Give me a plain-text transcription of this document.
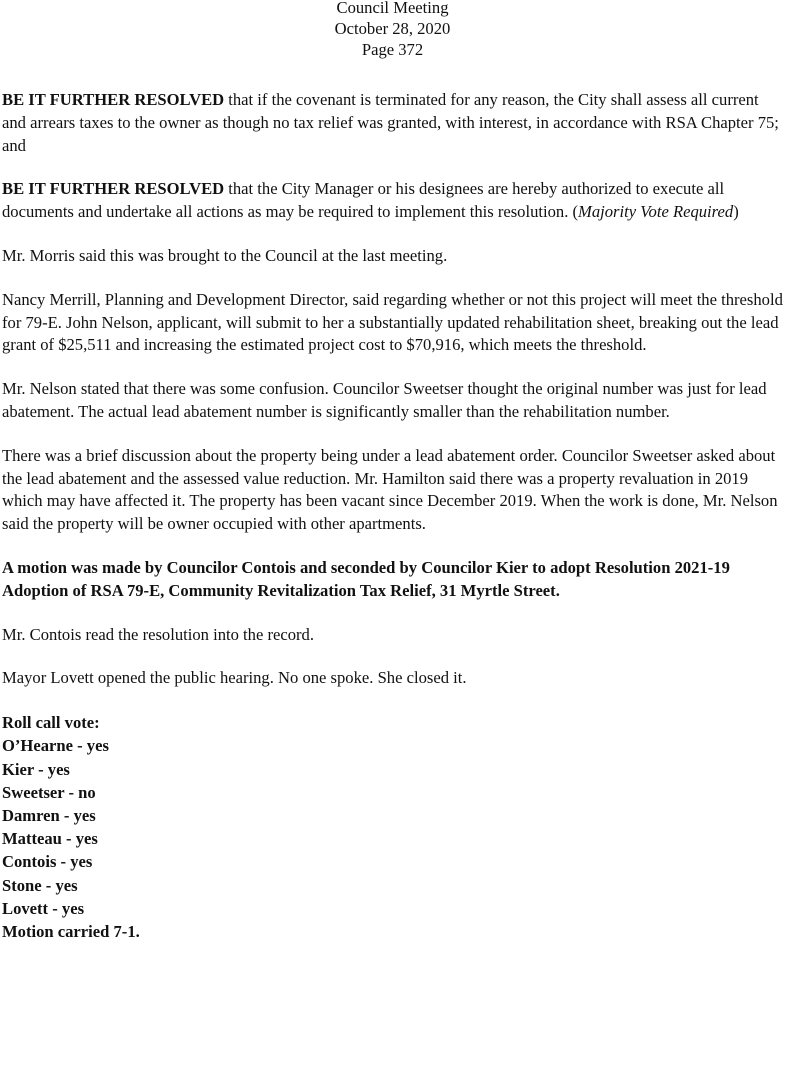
Council Meeting
October 28, 2020
Page 372

BE IT FURTHER RESOLVED that if the covenant is terminated for any reason, the City shall assess all current and arrears taxes to the owner as though no tax relief was granted, with interest, in accordance with RSA Chapter 75; and

BE IT FURTHER RESOLVED that the City Manager or his designees are hereby authorized to execute all documents and undertake all actions as may be required to implement this resolution. (Majority Vote Required)

Mr. Morris said this was brought to the Council at the last meeting.

Nancy Merrill, Planning and Development Director, said regarding whether or not this project will meet the threshold for 79-E. John Nelson, applicant, will submit to her a substantially updated rehabilitation sheet, breaking out the lead grant of $25,511 and increasing the estimated project cost to $70,916, which meets the threshold.

Mr. Nelson stated that there was some confusion. Councilor Sweetser thought the original number was just for lead abatement. The actual lead abatement number is significantly smaller than the rehabilitation number.

There was a brief discussion about the property being under a lead abatement order. Councilor Sweetser asked about the lead abatement and the assessed value reduction. Mr. Hamilton said there was a property revaluation in 2019 which may have affected it. The property has been vacant since December 2019. When the work is done, Mr. Nelson said the property will be owner occupied with other apartments.

A motion was made by Councilor Contois and seconded by Councilor Kier to adopt Resolution 2021-19 Adoption of RSA 79-E, Community Revitalization Tax Relief, 31 Myrtle Street.

Mr. Contois read the resolution into the record.

Mayor Lovett opened the public hearing. No one spoke. She closed it.

Roll call vote:
O’Hearne - yes
Kier - yes
Sweetser - no
Damren - yes
Matteau - yes
Contois - yes
Stone - yes
Lovett - yes
Motion carried 7-1.
